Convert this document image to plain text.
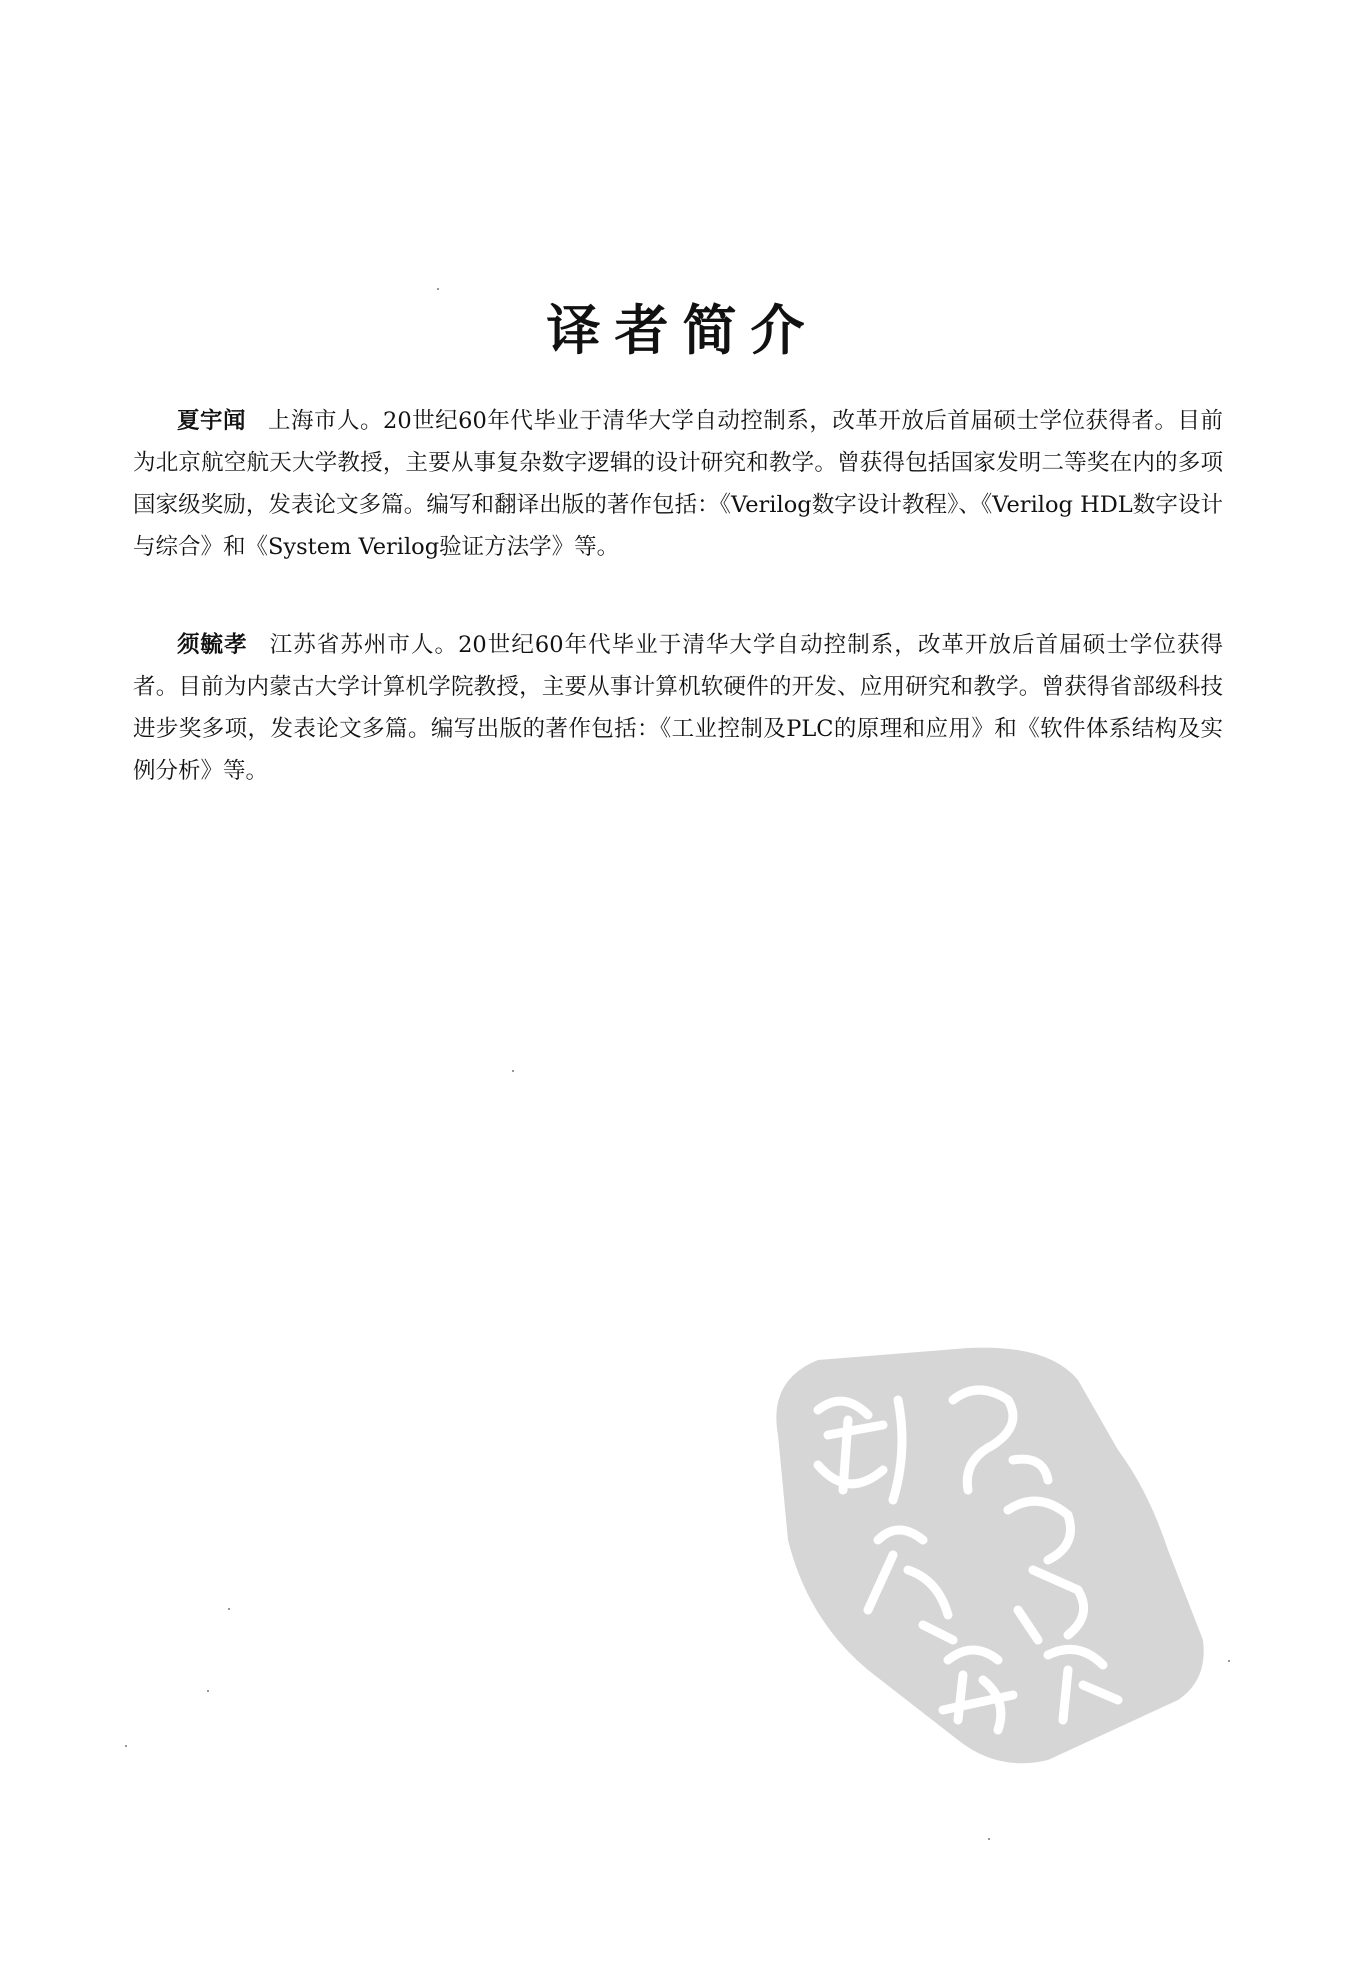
译者简介

夏宇闻 上海市人。20世纪60年代毕业于清华大学自动控制系，改革开放后首届硕士学位获得者。目前为北京航空航天大学教授，主要从事复杂数字逻辑的设计研究和教学。曾获得包括国家发明二等奖在内的多项国家级奖励，发表论文多篇。编写和翻译出版的著作包括：《Verilog数字设计教程》、《Verilog HDL数字设计与综合》和《System Verilog验证方法学》等。

须毓孝 江苏省苏州市人。20世纪60年代毕业于清华大学自动控制系，改革开放后首届硕士学位获得者。目前为内蒙古大学计算机学院教授，主要从事计算机软硬件的开发、应用研究和教学。曾获得省部级科技进步奖多项，发表论文多篇。编写出版的著作包括：《工业控制及PLC的原理和应用》和《软件体系结构及实例分析》等。
